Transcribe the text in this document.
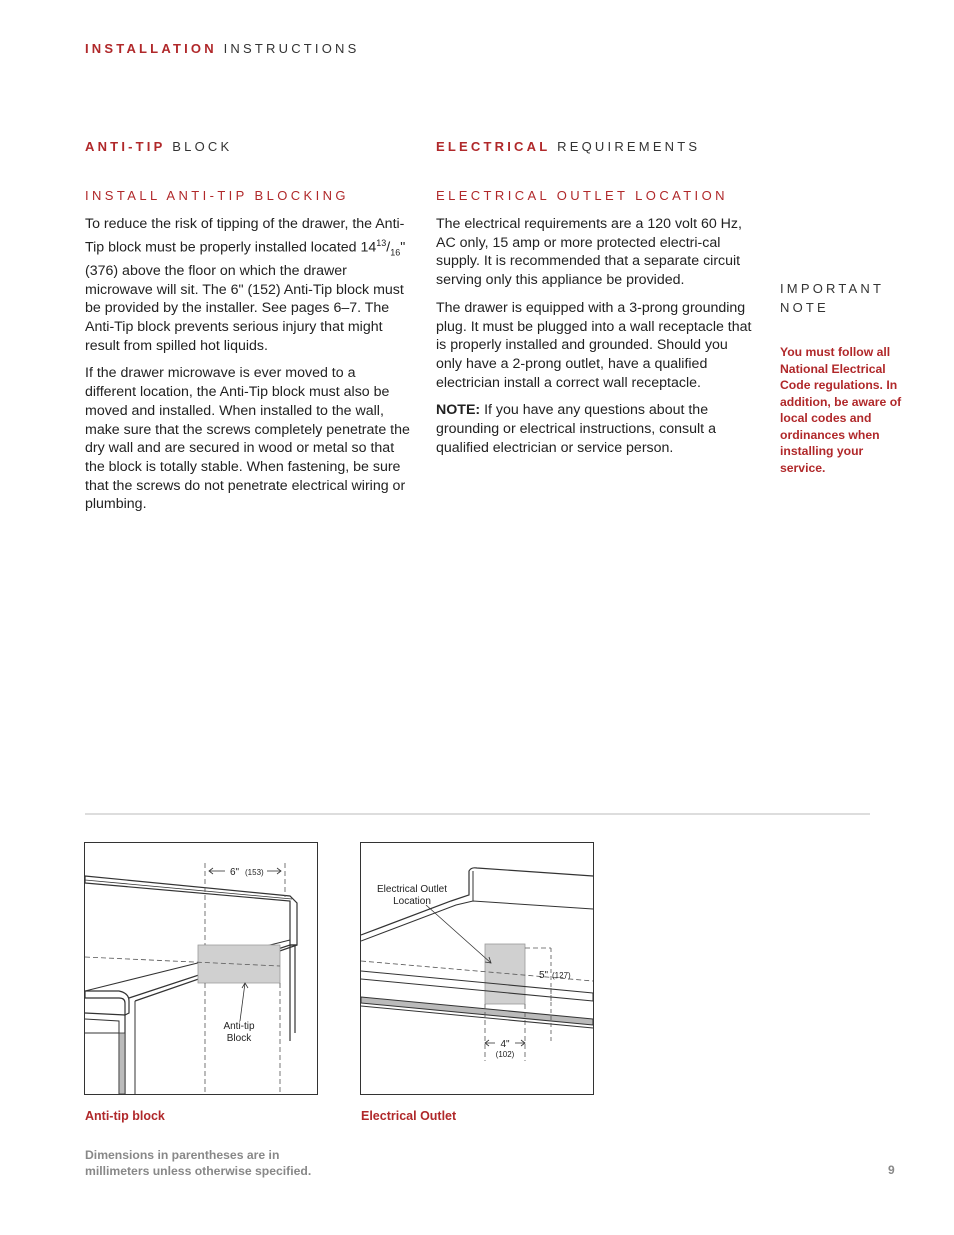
INSTALLATION INSTRUCTIONS
ANTI-TIP BLOCK
INSTALL ANTI-TIP BLOCKING

To reduce the risk of tipping of the drawer, the Anti-Tip block must be properly installed located $14^{13}/_{16}$" (376) above the floor on which the drawer microwave will sit. The 6" (152) Anti-Tip block must be provided by the installer. See pages 6–7. The Anti-Tip block prevents serious injury that might result from spilled hot liquids.

If the drawer microwave is ever moved to a different location, the Anti-Tip block must also be moved and installed. When installed to the wall, make sure that the screws completely penetrate the dry wall and are secured in wood or metal so that the block is totally stable. When fastening, be sure that the screws do not penetrate electrical wiring or plumbing.

ELECTRICAL REQUIREMENTS
ELECTRICAL OUTLET LOCATION

The electrical requirements are a 120 volt 60 Hz, AC only, 15 amp or more protected electri-cal supply. It is recommended that a separate circuit serving only this appliance be provided.

The drawer is equipped with a 3-prong grounding plug. It must be plugged into a wall receptacle that is properly installed and grounded. Should you only have a 2-prong outlet, have a qualified electrician install a correct wall receptacle.

NOTE: If you have any questions about the grounding or electrical instructions, consult a qualified electrician or service person.

IMPORTANT
NOTE
You must follow all National Electrical Code regulations. In addition, be aware of local codes and ordinances when installing your service.
6" (153)
Anti-tip
Block
Anti-tip block
5" (127)
4"
(102)
Electrical Outlet
Location
Electrical Outlet
Dimensions in parentheses are in
millimeters unless otherwise specified.	9
